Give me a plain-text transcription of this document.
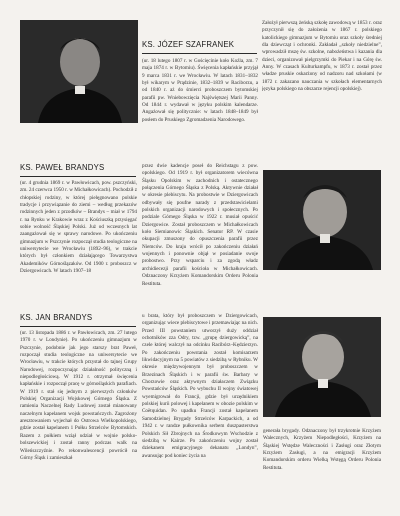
KS. JÓZEF SZAFRANEK
(ur. 18 lutego 1807 r. w Gościęcinie koło Koźla, zm. 7 maja 1874 r. w Bytomiu). Święcenia kapłańskie przyjął 9 marca 1831 r. we Wrocławiu. W latach 1831–1832 był wikarym w Prądzinie, 1832–1839 w Raciborzu, a od 1840 r. aż do śmierci proboszczem bytomskiej parafii pw. Wniebowzięcia Najświętszej Marii Panny. Od 1844 r. wydawał w języku polskim kalendarze. Angażował się politycznie: w latach 1848–1849 był posłem do Pruskiego Zgromadzenia Narodowego.
Założył pierwszą żeńską szkołę zawodową w 1853 r. oraz przyczynił się do założenia w 1867 r. polskiego katolickiego gimnazjum w Bytomiu oraz szkoły średniej dla dziewcząt i ochronki. Zakładał „szkoły niedzielne”, wprowadził mszę św. szkolne, nabożeństwa i kazania dla dzieci, organizował pielgrzymki do Piekar i na Górę św. Anny. W czasach Kulturkampfu, w 1873 r. został przez władze pruskie oskarżony od nadzoru nad szkołami (w 1872 r. zakazano nauczania w szkołach elementarnych języka polskiego na obszarze rejencji opolskiej).
KS. PAWEŁ BRANDYS
(ur. 4 grudnia 1869 r. w Pawłowicach, pow. pszczyński, zm. 24 czerwca 1950 r. w Michałkowicach). Pochodził z chłopskiej rodziny, w której pielęgnowano polskie tradycje i przywiązanie do ziemi – według przekazów rodzinnych jeden z przodków – Brandys – miał w 1794 r. na Rynku w Krakowie wraz z Kościuszką przysięgać sobie wolność Śląskiej Polski. Już od wczesnych lat zaangażował się w sprawy narodowe. Po ukończeniu gimnazjum w Pszczynie rozpoczął studia teologiczne na uniwersytecie we Wrocławiu (1892–96), w trakcie których był członkiem działającego Towarzystwa Akademików Górnoślązaków. Od 1900 r. proboszcz w Dziergowicach. W latach 1907–18
przez dwie kadencje poseł do Reichstagu z pow. opolskiego. Od 1919 r. był organizatorem wiecówna Śląsku Opolskim w zachodnich i ostatecznego połączenia Górnego Śląska z Polską. Aktywnie działał w okresie plebiscytu. Na probostwie w Dziergowicach odbywały się poufne narady z przedstawicielami polskich organizacji narodowych i społecznych. Po podziale Górnego Śląska w 1922 r. musiał opuścić Dziergowice. Został proboszczem w Michałkowicach koło Siemianowic Śląskich. Senator RP. W czasie okupacji zmuszony do opuszczenia parafii przez Niemców. Do kraju wrócił po zakończeniu działań wojennych i ponownie objął w posiadanie swoje probostwo. Przy wsparciu i za zgodą władz archidiecezji parafii kościoła w Michałkowicach. Odznaczony Krzyżem Komandorskim Orderu Polonia Restituta.
KS. JAN BRANDYS
(ur. 13 listopada 1886 r. w Pawłowicach, zm. 27 lutego 1970 r. w Londynie). Po ukończeniu gimnazjum w Pszczynie, podobnie jak jego starszy brat Paweł, rozpoczął studia teologiczne na uniwersytecie we Wrocławiu, w trakcie których przystał do tajnej Grupy Narodowej, rozpoczynając działalność polityczną i niepodległościową. W 1912 r. otrzymał święcenia kapłańskie i rozpoczął pracę w górnośląskich parafiach. W 1919 r. stał się jednym z pierwszych członków Polskiej Organizacji Wojskowej Górnego Śląska. Z ramienia Naczelnej Rady Ludowej został mianowany naczelnym kapelanem wojsk powstańczych. Zagrożony aresztowaniem wyjechał do Ostrowa Wielkopolskiego, gdzie został kapelanem 1 Pułku Strzelców Bytomskich. Razem z pułkiem wziął udział w wojnie polsko-bolszewickiej i został ranny podczas walk na Wileńszczyźnie. Po rekonwalescencji powrócił na Górny Śląsk i zamieszkał
u brata, który był proboszczem w Dziergowicach, organizując wiece plebiscytowe i przemawiając na nich. Przed III powstaniem utworzył duży oddział ochotników zza Odry, tzw. „grupę dziergowicką”, na czele której walczył na odcinku Racibórz–Kędzierzyn. Po zakończeniu powstania został komisarzem likwidacyjnym na 5 powiatów z siedzibą w Rybniku. W okresie międzywojennym był proboszczem w Brzezinach Śląskich i w parafii św. Barbary w Chorzowie oraz aktywnym działaczem Związku Powstańców Śląskich. Po wybuchu II wojny światowej wyemigrował do Francji, gdzie był urzędnikiem polskiej kurii polowej i kapelanem w obozie polskim w Coëtquidan. Po upadku Francji został kapelanem Samodzielnej Brygady Strzelców Karpackich, a od 1942 r. w randze pułkownika serbem duszpasterstwa Polskich Sił Zbrojnych na Środkowym Wschodzie z siedzibą w Kairze. Po zakończeniu wojny został dziekanem emigracyjnego dekanatu „Londyn”, awansując pod koniec życia na
generała brygady. Odznaczony był trzykrotnie Krzyżem Walecznych, Krzyżem Niepodległości, Krzyżem na Śląskiej Wstędze Waleczności i Zasługi oraz Złotym Krzyżem Zasługi, a na emigracji Krzyżem Komandorskim orderu Wielką Wstęgą Orderu Polonia Restituta.
